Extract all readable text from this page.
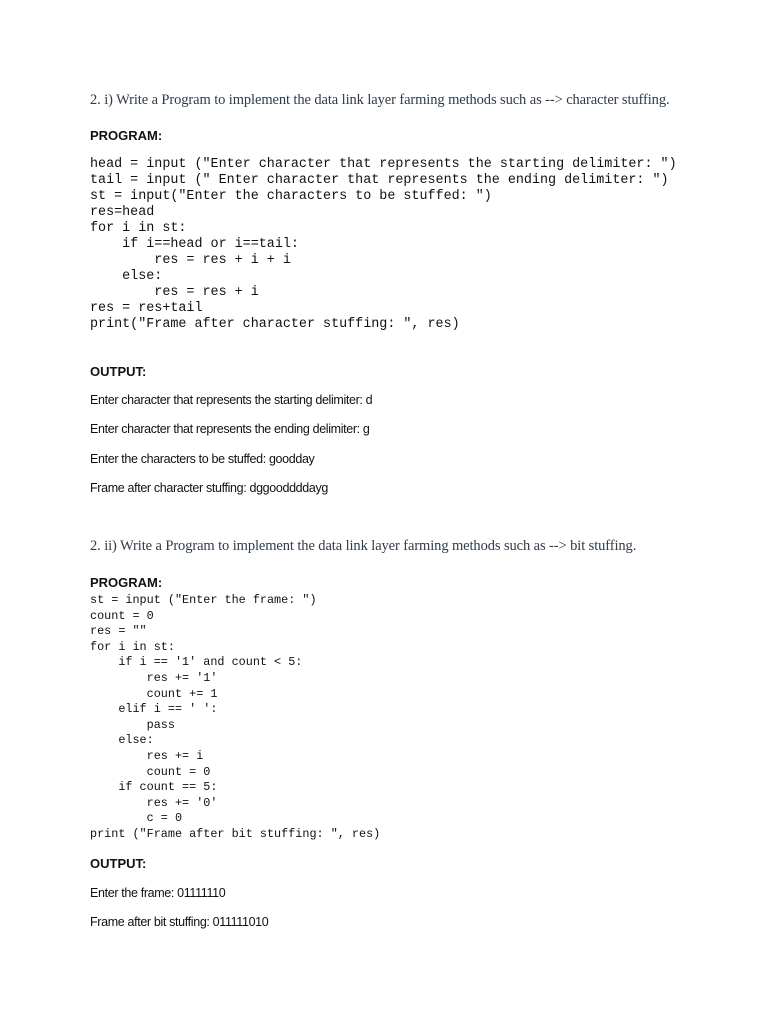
2. i) Write a Program to implement the data link layer farming methods such as --> character stuffing.
PROGRAM:
head = input ("Enter character that represents the starting delimiter: ")
tail = input (" Enter character that represents the ending delimiter: ")
st = input("Enter the characters to be stuffed: ")
res=head
for i in st:
if i==head or i==tail:
res = res + i + i
else:
res = res + i
res = res+tail
print("Frame after character stuffing: ", res)
OUTPUT:
Enter character that represents the starting delimiter: d
Enter character that represents the ending delimiter: g
Enter the characters to be stuffed: goodday
Frame after character stuffing: dggooddddayg
2. ii) Write a Program to implement the data link layer farming methods such as --> bit stuffing.
PROGRAM:
st = input ("Enter the frame: ")
count = 0
res = ""
for i in st:
if i == '1' and count < 5:
res += '1'
count += 1
elif i == ' ':
pass
else:
res += i
count = 0
if count == 5:
res += '0'
c = 0
print ("Frame after bit stuffing: ", res)
OUTPUT:
Enter the frame: 01111110
Frame after bit stuffing: 011111010
